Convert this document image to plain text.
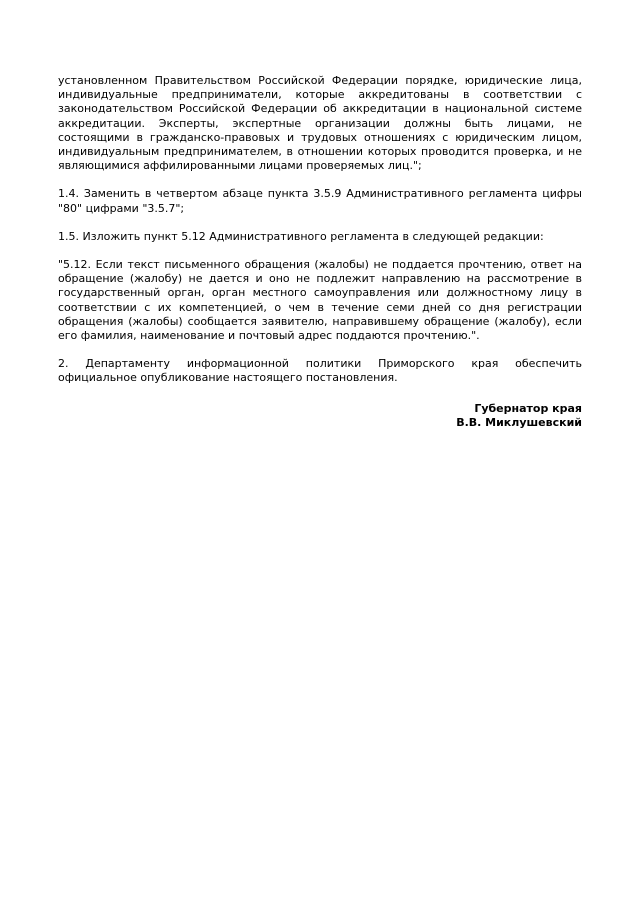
установленном Правительством Российской Федерации порядке, юридические лица, индивидуальные предприниматели, которые аккредитованы в соответствии с законодательством Российской Федерации об аккредитации в национальной системе аккредитации. Эксперты, экспертные организации должны быть лицами, не состоящими в гражданско-правовых и трудовых отношениях с юридическим лицом, индивидуальным предпринимателем, в отношении которых проводится проверка, и не являющимися аффилированными лицами проверяемых лиц.";

1.4. Заменить в четвертом абзаце пункта 3.5.9 Административного регламента цифры "80" цифрами "3.5.7";

1.5. Изложить пункт 5.12 Административного регламента в следующей редакции:

"5.12. Если текст письменного обращения (жалобы) не поддается прочтению, ответ на обращение (жалобу) не дается и оно не подлежит направлению на рассмотрение в государственный орган, орган местного самоуправления или должностному лицу в соответствии с их компетенцией, о чем в течение семи дней со дня регистрации обращения (жалобы) сообщается заявителю, направившему обращение (жалобу), если его фамилия, наименование и почтовый адрес поддаются прочтению.".

2. Департаменту информационной политики Приморского края обеспечить официальное опубликование настоящего постановления.

Губернатор края
В.В. Миклушевский
